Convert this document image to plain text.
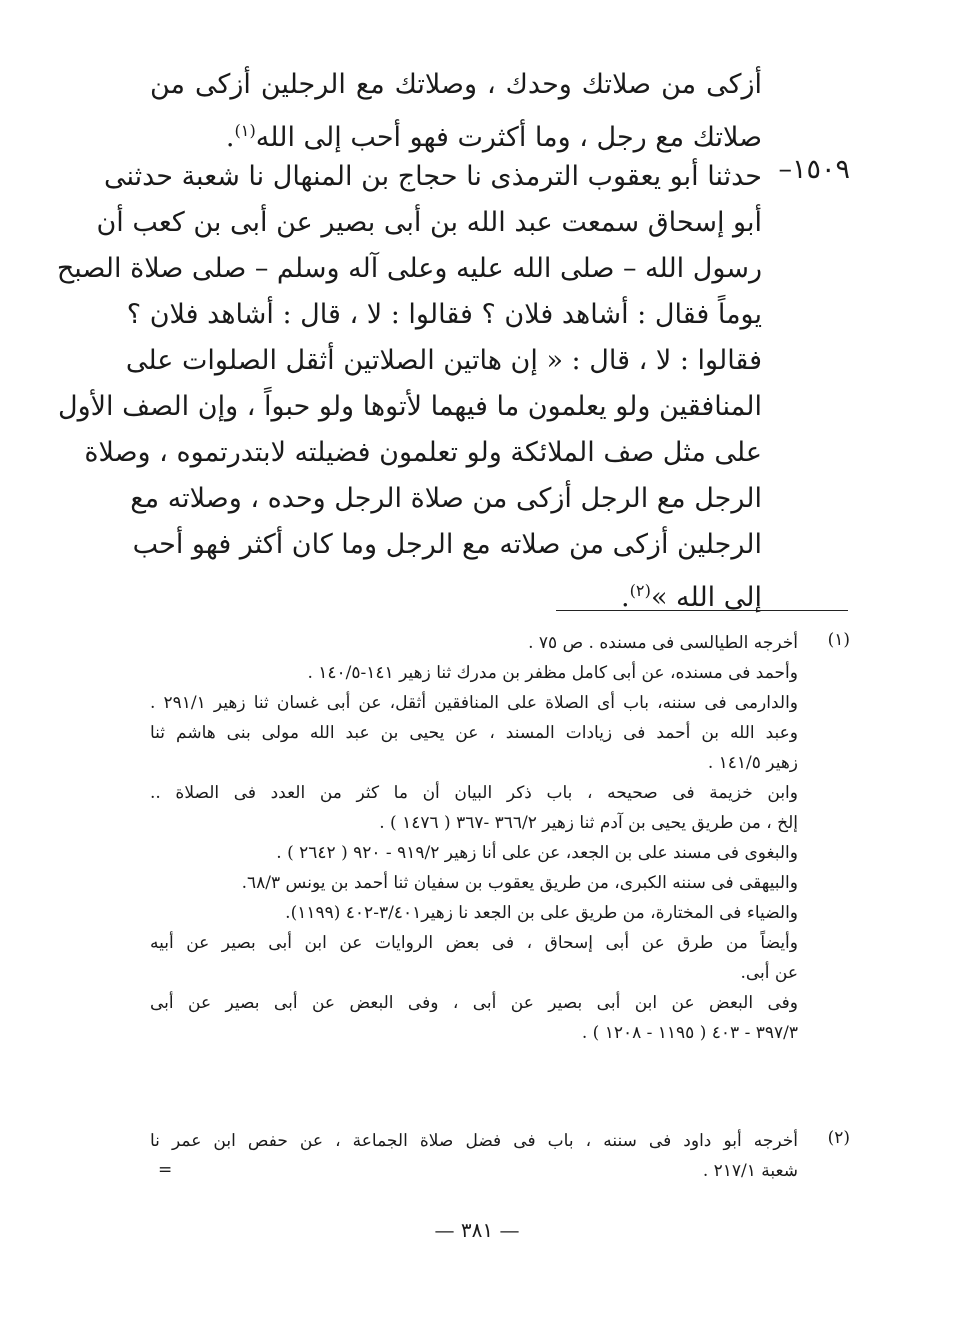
أزكى من صلاتك وحدك ، وصلاتك مع الرجلين أزكى من
صلاتك مع رجل ، وما أكثرت فهو أحب إلى الله$^{(١)}$.
١٥٠٩–
حدثنا أبو يعقوب الترمذى نا حجاج بن المنهال نا شعبة حدثنى
أبو إسحاق سمعت عبد الله بن أبى بصير عن أبى بن كعب أن
رسول الله – صلى الله عليه وعلى آله وسلم – صلى صلاة الصبح
يوماً فقال : أشاهد فلان ؟ فقالوا : لا ، قال : أشاهد فلان ؟
فقالوا : لا ، قال : « إن هاتين الصلاتين أثقل الصلوات على
المنافقين ولو يعلمون ما فيهما لأتوها ولو حبواً ، وإن الصف الأول
على مثل صف الملائكة ولو تعلمون فضيلته لابتدرتموه ، وصلاة
الرجل مع الرجل أزكى من صلاة الرجل وحده ، وصلاته مع
الرجلين أزكى من صلاته مع الرجل وما كان أكثر فهو أحب
إلى الله »$^{(٢)}$.
(١)
أخرجه الطيالسى فى مسنده . ص ٧٥ .
وأحمد فى مسنده، عن أبى كامل مظفر بن مدرك ثنا زهير ١٤١-١٤٠/٥ .
والدارمى فى سننه، باب أى الصلاة على المنافقين أثقل، عن أبى غسان ثنا زهير ٢٩١/١ .
وعبد الله بن أحمد فى زيادات المسند ، عن يحيى بن عبد الله مولى بنى هاشم ثنا
زهير ١٤١/٥ .
وابن خزيمة فى صحيحه ، باب ذكر البيان أن ما كثر من العدد فى الصلاة ..
إلخ ، من طريق يحيى بن آدم ثنا زهير ٣٦٦/٢ -٣٦٧ ( ١٤٧٦ ) .
والبغوى فى مسند على بن الجعد، عن على أنا زهير ٩١٩/٢ - ٩٢٠ ( ٢٦٤٢ ) .
والبيهقى فى سننه الكبرى، من طريق يعقوب بن سفيان ثنا أحمد بن يونس ٦٨/٣.
والضياء فى المختارة، من طريق على بن الجعد نا زهير٣/٤٠١-٤٠٢ (١١٩٩).
وأيضاً من طرق عن أبى إسحاق ، فى بعض الروايات عن ابن أبى بصير عن أبيه
عن أبى.
وفى البعض عن ابن أبى بصير عن أبى ، وفى البعض عن أبى بصير عن أبى
٣٩٧/٣ - ٤٠٣ ( ١١٩٥ - ١٢٠٨ ) .
(٢)
أخرجه أبو داود فى سننه ، باب فى فضل صلاة الجماعة ، عن حفص ابن عمر نا
شعبة ٢١٧/١ .
=
— ٣٨١ —
